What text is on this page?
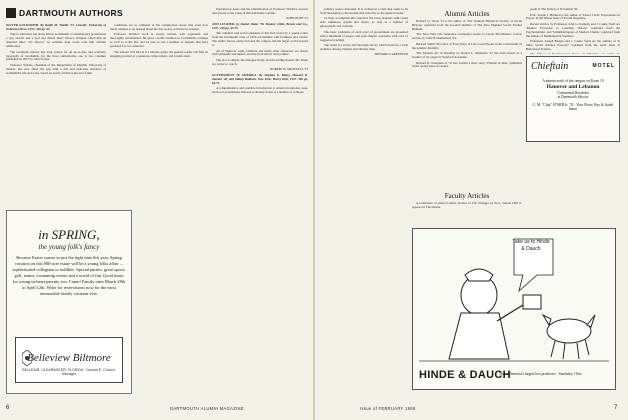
DARTMOUTH AUTHORS

OLIVER GOLDSMITH. By Ralph M. Wardle '31. Lincoln: University of Nebraska Press, 1957. 330 pp. $5.

This is what they say about Oliver Goldsmith: a contemporary pronounced a 'gay sloven' and a 'pert and dainty idler'; Horace Walpole called him an 'inspired idiot.' Yet 'Doctor' no sensible man could read him without admiration.

The twentieth century has long waited for an up-to-date and scholarly biography of Goldsmith, for the most authoritative one is two volumes published in 1837 by John Forster.

Professor Wardle, chairman of the Department of English, University of Omaha, has now filled the gap with a full and judicious narrative of Goldsmith's life and work, based on nearly all that is known of him.

conditions are so confused or his complicated career, that even now much remains to be learned about his day-to-day activities in London.

Professor Wardle's book is clearly written, well organized, and thoroughly documented. He gives careful attention to Goldsmith's writings as well as to his life, and he puts to rest a number of legends that have persisted for two centuries.

The scholar will find in it a reliable guide; the general reader will find an engaging portrait of a generous, improvident, and lovable man.

Explanatory notes and the identification of Professor Wardle's sources add greatly to the value of this handsome volume.

JOHN HOPE '33

AND LUCKIER, by Daniel Dunn '56. Boston: Little, Brown and Co., 1957. 248 pp. $3.75.

The romantic and social elements of this first novel by a young writer from the Dartmouth class of 1956 are handled with freshness and candor. The author moves easily between the campus and the larger world beyond it.

All of Hanover Girls, Children and many other characters are drawn with sympathy and humor, and the book shows real promise.

The plot is simple, the dialogue lively, and the ending honest. Mr. Dunn is a writer to watch.

ROBERT B. MICHAELS '53

GOVERNMENT IN AMERICA. By Stephen K. Bailey, Howard D. Samuel '48, and Sidney Baldwin. New York: Henry Holt, 1957. 569 pp. $6.75.

A comprehensive and readable introduction to American national, state, and local government, this text is already in use at a number of colleges.

in SPRING,
the young folk's fancy
Because Easter comes in just the right time this year, Spring vacation on this 800-acre estate will be a young folks affair ... sophisticated collegians to toddlers. Special parties, great sports, golf, tennis, swimming events and a world of fun. Good times for young-in-heart parents, too. Come! Family rates March 28th to April 12th. Write for reservations now for the most memorable family vacation ever.
Belleview Biltmore
BELLEAIR, CLEARWATER, FLORIDA · Donald E. Church, Manager
DARTMOUTH ALUMNI MAGAZINE
6

primary source materials. It is written in a style that seeks to be 'both interesting to the student and attractive to the general reader.'

To help accomplish this objective the book abounds with visual aids: numerous graphs and charts, as well as a number of photographs and cartoons.

The basic problems of each level of government are presented with a minimum of jargon, and each chapter concludes with a list of suggested readings.

The result is a lively and thorough survey which deserves a wide audience among students and citizens alike.

HOWARD CARPENTER

Alumni Articles

Richard G. Wood '31 is the author of 'The Vermont Historical Society: A Social History,' reprinted from the Goodell number of The New England Social Studies Bulletin.

'The New York Life Insurance Company's Guide to Career Information,' review section by John H. Dunnelison '44.

Bernard Smith '28 writes of 'Four Ways of Life, Great Books in the Curriculum' in the Atlantic Monthly.

'The Modern Art of Reading' by Robert L. Bernstein '47 has been issued as a booklet of six pages by Stanford Academic.

Richard R. Workman Jr. '50 has written a short story, 'Prelude in June,' published in the spring issue of Gentry.

Faculty Articles

A translation of Albert Camus' preface to The Stranger by Prof. Vernon Hall Jr. appears in The Nation.

poem in The Nation of November 30.

Prof. Joseph J. Harmon is the author of 'Easter Cards: Expressions in Prayer' in the Winter issue of Forum magazine.

Recent articles by Professors John G. Kemeny and J. Laurie Snell are 'Markov Processes in Learning Theory,' reprinted from the Psychometrika, and 'Semimartingales of Markov Chains,' reprinted from the Annals of Mathematical Statistics.

Professors Joseph Bergen and J. Laurie Snell are the authors of 'Is Mass Social Science Exactly?' reprinted from the April issue of Behavioral Science.

Chieftain	MOTEL
A minute north of the campus on Route 10
Hanover and Lebanon
Continental Breakfast
at Dartmouth Skiway
C. M. "Chip" STARR Jr. '35 · Your Hosts: Ray & Isabel Sauro
Take us to Hinde & Dauch
HINDE & DAUCH
One of America's largest box producers · Sandusky, Ohio
Issue of FEBRUARY 1958	7
